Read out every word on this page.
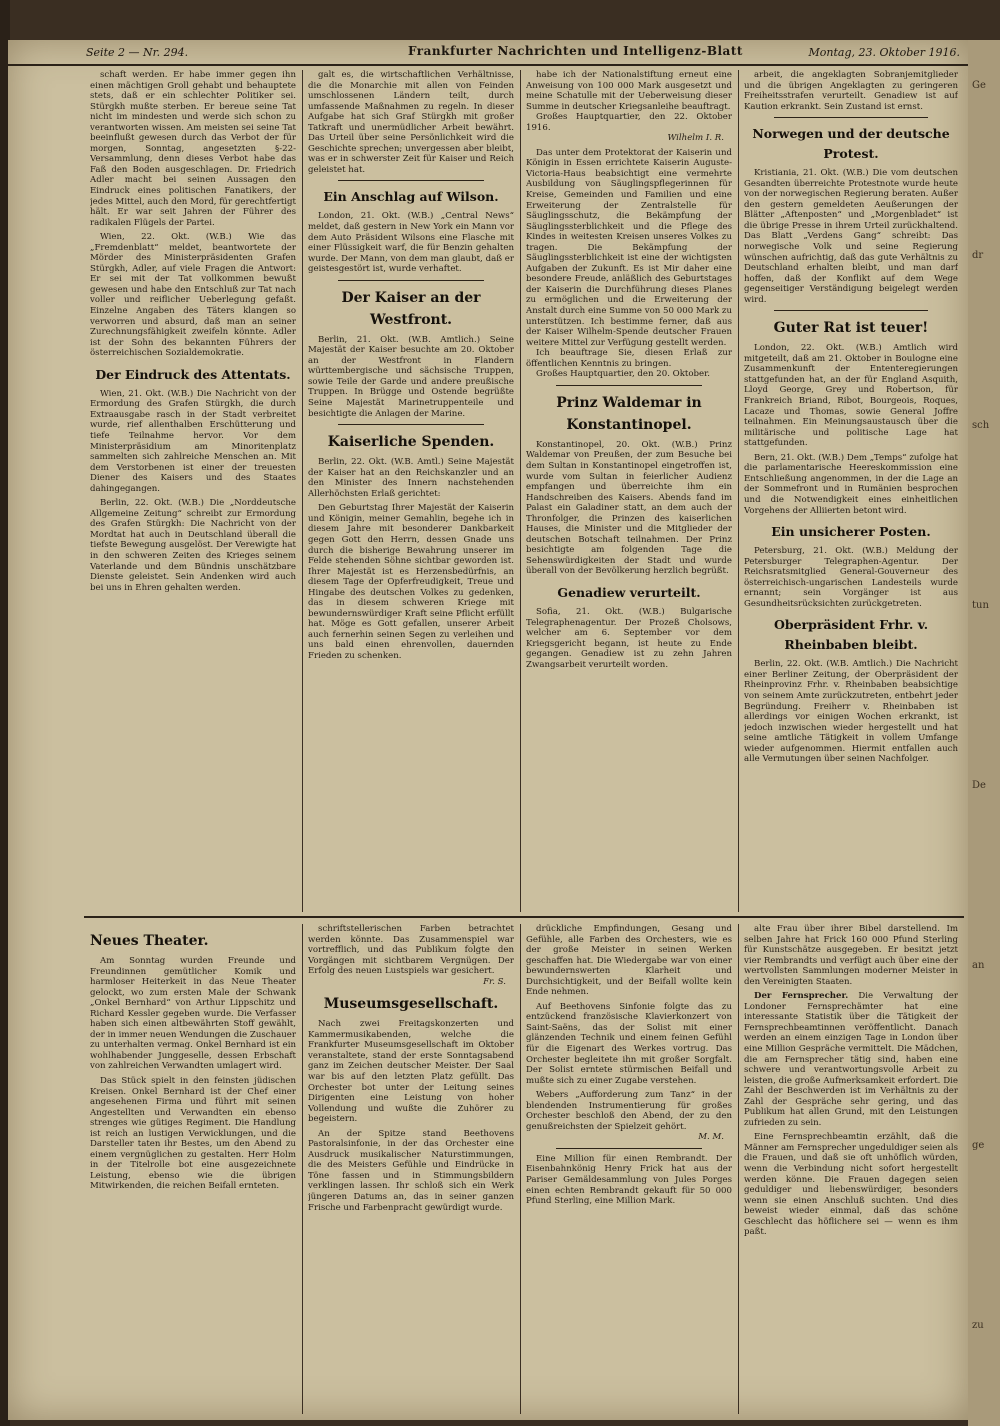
Seite 2 — Nr. 294.	Frankfurter Nachrichten und Intelligenz-Blatt	Montag, 23. Oktober 1916.

schaft werden. Er habe immer gegen ihn einen mächtigen Groll gehabt und behauptete stets, daß er ein schlechter Politiker sei. Stürgkh mußte sterben. Er bereue seine Tat nicht im mindesten und werde sich schon zu verantworten wissen. Am meisten sei seine Tat beeinflußt gewesen durch das Verbot der für morgen, Sonntag, angesetzten §-22-Versammlung, denn dieses Verbot habe das Faß den Boden ausgeschlagen. Dr. Friedrich Adler macht bei seinen Aussagen den Eindruck eines politischen Fanatikers, der jedes Mittel, auch den Mord, für gerechtfertigt hält. Er war seit Jahren der Führer des radikalen Flügels der Partei.

Wien, 22. Okt. (W.B.) Wie das „Fremdenblatt“ meldet, beantwortete der Mörder des Ministerpräsidenten Grafen Stürgkh, Adler, auf viele Fragen die Antwort: Er sei mit der Tat vollkommen bewußt gewesen und habe den Entschluß zur Tat nach voller und reiflicher Ueberlegung gefaßt. Einzelne Angaben des Täters klangen so verworren und absurd, daß man an seiner Zurechnungsfähigkeit zweifeln könnte. Adler ist der Sohn des bekannten Führers der österreichischen Sozialdemokratie.

Der Eindruck des Attentats.

Wien, 21. Okt. (W.B.) Die Nachricht von der Ermordung des Grafen Stürgkh, die durch Extraausgabe rasch in der Stadt verbreitet wurde, rief allenthalben Erschütterung und tiefe Teilnahme hervor. Vor dem Ministerpräsidium am Minoritenplatz sammelten sich zahlreiche Menschen an. Mit dem Verstorbenen ist einer der treuesten Diener des Kaisers und des Staates dahingegangen.

Berlin, 22. Okt. (W.B.) Die „Norddeutsche Allgemeine Zeitung“ schreibt zur Ermordung des Grafen Stürgkh: Die Nachricht von der Mordtat hat auch in Deutschland überall die tiefste Bewegung ausgelöst. Der Verewigte hat in den schweren Zeiten des Krieges seinem Vaterlande und dem Bündnis unschätzbare Dienste geleistet. Sein Andenken wird auch bei uns in Ehren gehalten werden.

galt es, die wirtschaftlichen Verhältnisse, die die Monarchie mit allen von Feinden umschlossenen Ländern teilt, durch umfassende Maßnahmen zu regeln. In dieser Aufgabe hat sich Graf Stürgkh mit großer Tatkraft und unermüdlicher Arbeit bewährt. Das Urteil über seine Persönlichkeit wird die Geschichte sprechen; unvergessen aber bleibt, was er in schwerster Zeit für Kaiser und Reich geleistet hat.

Ein Anschlag auf Wilson.

London, 21. Okt. (W.B.) „Central News“ meldet, daß gestern in New York ein Mann vor dem Auto Präsident Wilsons eine Flasche mit einer Flüssigkeit warf, die für Benzin gehalten wurde. Der Mann, von dem man glaubt, daß er geistesgestört ist, wurde verhaftet.

Der Kaiser an der Westfront.

Berlin, 21. Okt. (W.B. Amtlich.) Seine Majestät der Kaiser besuchte am 20. Oktober an der Westfront in Flandern württembergische und sächsische Truppen, sowie Teile der Garde und andere preußische Truppen. In Brügge und Ostende begrüßte Seine Majestät Marinetruppenteile und besichtigte die Anlagen der Marine.

Kaiserliche Spenden.

Berlin, 22. Okt. (W.B. Amtl.) Seine Majestät der Kaiser hat an den Reichskanzler und an den Minister des Innern nachstehenden Allerhöchsten Erlaß gerichtet:

Den Geburtstag Ihrer Majestät der Kaiserin und Königin, meiner Gemahlin, begehe ich in diesem Jahre mit besonderer Dankbarkeit gegen Gott den Herrn, dessen Gnade uns durch die bisherige Bewahrung unserer im Felde stehenden Söhne sichtbar geworden ist. Ihrer Majestät ist es Herzensbedürfnis, an diesem Tage der Opferfreudigkeit, Treue und Hingabe des deutschen Volkes zu gedenken, das in diesem schweren Kriege mit bewundernswürdiger Kraft seine Pflicht erfüllt hat. Möge es Gott gefallen, unserer Arbeit auch fernerhin seinen Segen zu verleihen und uns bald einen ehrenvollen, dauernden Frieden zu schenken.

habe ich der Nationalstiftung erneut eine Anweisung von 100 000 Mark ausgesetzt und meine Schatulle mit der Ueberweisung dieser Summe in deutscher Kriegsanleihe beauftragt.

Großes Hauptquartier, den 22. Oktober 1916.

Wilhelm I. R.

Das unter dem Protektorat der Kaiserin und Königin in Essen errichtete Kaiserin Auguste-Victoria-Haus beabsichtigt eine vermehrte Ausbildung von Säuglingspflegerinnen für Kreise, Gemeinden und Familien und eine Erweiterung der Zentralstelle für Säuglingsschutz, die Bekämpfung der Säuglingssterblichkeit und die Pflege des Kindes in weitesten Kreisen unseres Volkes zu tragen. Die Bekämpfung der Säuglingssterblichkeit ist eine der wichtigsten Aufgaben der Zukunft. Es ist Mir daher eine besondere Freude, anläßlich des Geburtstages der Kaiserin die Durchführung dieses Planes zu ermöglichen und die Erweiterung der Anstalt durch eine Summe von 50 000 Mark zu unterstützen. Ich bestimme ferner, daß aus der Kaiser Wilhelm-Spende deutscher Frauen weitere Mittel zur Verfügung gestellt werden.

Ich beauftrage Sie, diesen Erlaß zur öffentlichen Kenntnis zu bringen.

Großes Hauptquartier, den 20. Oktober.

Prinz Waldemar in Konstantinopel.

Konstantinopel, 20. Okt. (W.B.) Prinz Waldemar von Preußen, der zum Besuche bei dem Sultan in Konstantinopel eingetroffen ist, wurde vom Sultan in feierlicher Audienz empfangen und überreichte ihm ein Handschreiben des Kaisers. Abends fand im Palast ein Galadiner statt, an dem auch der Thronfolger, die Prinzen des kaiserlichen Hauses, die Minister und die Mitglieder der deutschen Botschaft teilnahmen. Der Prinz besichtigte am folgenden Tage die Sehenswürdigkeiten der Stadt und wurde überall von der Bevölkerung herzlich begrüßt.

Genadiew verurteilt.

Sofia, 21. Okt. (W.B.) Bulgarische Telegraphenagentur. Der Prozeß Cholsows, welcher am 6. September vor dem Kriegsgericht begann, ist heute zu Ende gegangen. Genadiew ist zu zehn Jahren Zwangsarbeit verurteilt worden.

arbeit, die angeklagten Sobranjemitglieder und die übrigen Angeklagten zu geringeren Freiheitsstrafen verurteilt. Genadiew ist auf Kaution erkrankt. Sein Zustand ist ernst.

Norwegen und der deutsche Protest.

Kristiania, 21. Okt. (W.B.) Die vom deutschen Gesandten überreichte Protestnote wurde heute von der norwegischen Regierung beraten. Außer den gestern gemeldeten Aeußerungen der Blätter „Aftenposten“ und „Morgenbladet“ ist die übrige Presse in ihrem Urteil zurückhaltend. Das Blatt „Verdens Gang“ schreibt: Das norwegische Volk und seine Regierung wünschen aufrichtig, daß das gute Verhältnis zu Deutschland erhalten bleibt, und man darf hoffen, daß der Konflikt auf dem Wege gegenseitiger Verständigung beigelegt werden wird.

Guter Rat ist teuer!

London, 22. Okt. (W.B.) Amtlich wird mitgeteilt, daß am 21. Oktober in Boulogne eine Zusammenkunft der Ententeregierungen stattgefunden hat, an der für England Asquith, Lloyd George, Grey und Robertson, für Frankreich Briand, Ribot, Bourgeois, Roques, Lacaze und Thomas, sowie General Joffre teilnahmen. Ein Meinungsaustausch über die militärische und politische Lage hat stattgefunden.

Bern, 21. Okt. (W.B.) Dem „Temps“ zufolge hat die parlamentarische Heereskommission eine Entschließung angenommen, in der die Lage an der Sommefront und in Rumänien besprochen und die Notwendigkeit eines einheitlichen Vorgehens der Alliierten betont wird.

Ein unsicherer Posten.

Petersburg, 21. Okt. (W.B.) Meldung der Petersburger Telegraphen-Agentur. Der Reichsratsmitglied General-Gouverneur des österreichisch-ungarischen Landesteils wurde ernannt; sein Vorgänger ist aus Gesundheitsrücksichten zurückgetreten.

Oberpräsident Frhr. v. Rheinbaben bleibt.

Berlin, 22. Okt. (W.B. Amtlich.) Die Nachricht einer Berliner Zeitung, der Oberpräsident der Rheinprovinz Frhr. v. Rheinbaben beabsichtige von seinem Amte zurückzutreten, entbehrt jeder Begründung. Freiherr v. Rheinbaben ist allerdings vor einigen Wochen erkrankt, ist jedoch inzwischen wieder hergestellt und hat seine amtliche Tätigkeit in vollem Umfange wieder aufgenommen. Hiermit entfallen auch alle Vermutungen über seinen Nachfolger.

Neues Theater.

Am Sonntag wurden Freunde und Freundinnen gemütlicher Komik und harmloser Heiterkeit in das Neue Theater gelockt, wo zum ersten Male der Schwank „Onkel Bernhard“ von Arthur Lippschitz und Richard Kessler gegeben wurde. Die Verfasser haben sich einen altbewährten Stoff gewählt, der in immer neuen Wendungen die Zuschauer zu unterhalten vermag. Onkel Bernhard ist ein wohlhabender Junggeselle, dessen Erbschaft von zahlreichen Verwandten umlagert wird.

Das Stück spielt in den feinsten jüdischen Kreisen. Onkel Bernhard ist der Chef einer angesehenen Firma und führt mit seinen Angestellten und Verwandten ein ebenso strenges wie gütiges Regiment. Die Handlung ist reich an lustigen Verwicklungen, und die Darsteller taten ihr Bestes, um den Abend zu einem vergnüglichen zu gestalten. Herr Holm in der Titelrolle bot eine ausgezeichnete Leistung, ebenso wie die übrigen Mitwirkenden, die reichen Beifall ernteten.

schriftstellerischen Farben betrachtet werden könnte. Das Zusammenspiel war vortrefflich, und das Publikum folgte den Vorgängen mit sichtbarem Vergnügen. Der Erfolg des neuen Lustspiels war gesichert.

Fr. S.
Museumsgesellschaft.

Nach zwei Freitagskonzerten und Kammermusikabenden, welche die Frankfurter Museumsgesellschaft im Oktober veranstaltete, stand der erste Sonntagsabend ganz im Zeichen deutscher Meister. Der Saal war bis auf den letzten Platz gefüllt. Das Orchester bot unter der Leitung seines Dirigenten eine Leistung von hoher Vollendung und wußte die Zuhörer zu begeistern.

An der Spitze stand Beethovens Pastoralsinfonie, in der das Orchester eine Ausdruck musikalischer Naturstimmungen, die des Meisters Gefühle und Eindrücke in Töne fassen und in Stimmungsbildern verklingen lassen. Ihr schloß sich ein Werk jüngeren Datums an, das in seiner ganzen Frische und Farbenpracht gewürdigt wurde.

drückliche Empfindungen, Gesang und Gefühle, alle Farben des Orchesters, wie es der große Meister in seinen Werken geschaffen hat. Die Wiedergabe war von einer bewundernswerten Klarheit und Durchsichtigkeit, und der Beifall wollte kein Ende nehmen.

Auf Beethovens Sinfonie folgte das zu entzückend französische Klavierkonzert von Saint-Saëns, das der Solist mit einer glänzenden Technik und einem feinen Gefühl für die Eigenart des Werkes vortrug. Das Orchester begleitete ihn mit großer Sorgfalt. Der Solist erntete stürmischen Beifall und mußte sich zu einer Zugabe verstehen.

Webers „Aufforderung zum Tanz“ in der blendenden Instrumentierung für großes Orchester beschloß den Abend, der zu den genußreichsten der Spielzeit gehört.

M. M.

Eine Million für einen Rembrandt. Der Eisenbahnkönig Henry Frick hat aus der Pariser Gemäldesammlung von Jules Porges einen echten Rembrandt gekauft für 50 000 Pfund Sterling, eine Million Mark.

alte Frau über ihrer Bibel darstellend. Im selben Jahre hat Frick 160 000 Pfund Sterling für Kunstschätze ausgegeben. Er besitzt jetzt vier Rembrandts und verfügt auch über eine der wertvollsten Sammlungen moderner Meister in den Vereinigten Staaten.

Der Fernsprecher. Die Verwaltung der Londoner Fernsprechämter hat eine interessante Statistik über die Tätigkeit der Fernsprechbeamtinnen veröffentlicht. Danach werden an einem einzigen Tage in London über eine Million Gespräche vermittelt. Die Mädchen, die am Fernsprecher tätig sind, haben eine schwere und verantwortungsvolle Arbeit zu leisten, die große Aufmerksamkeit erfordert. Die Zahl der Beschwerden ist im Verhältnis zu der Zahl der Gespräche sehr gering, und das Publikum hat allen Grund, mit den Leistungen zufrieden zu sein.

Eine Fernsprechbeamtin erzählt, daß die Männer am Fernsprecher ungeduldiger seien als die Frauen, und daß sie oft unhöflich würden, wenn die Verbindung nicht sofort hergestellt werden könne. Die Frauen dagegen seien geduldiger und liebenswürdiger, besonders wenn sie einen Anschluß suchten. Und dies beweist wieder einmal, daß das schöne Geschlecht das höflichere sei — wenn es ihm paßt.

Ge
dr
sch
tun
De
an
ge
zu
